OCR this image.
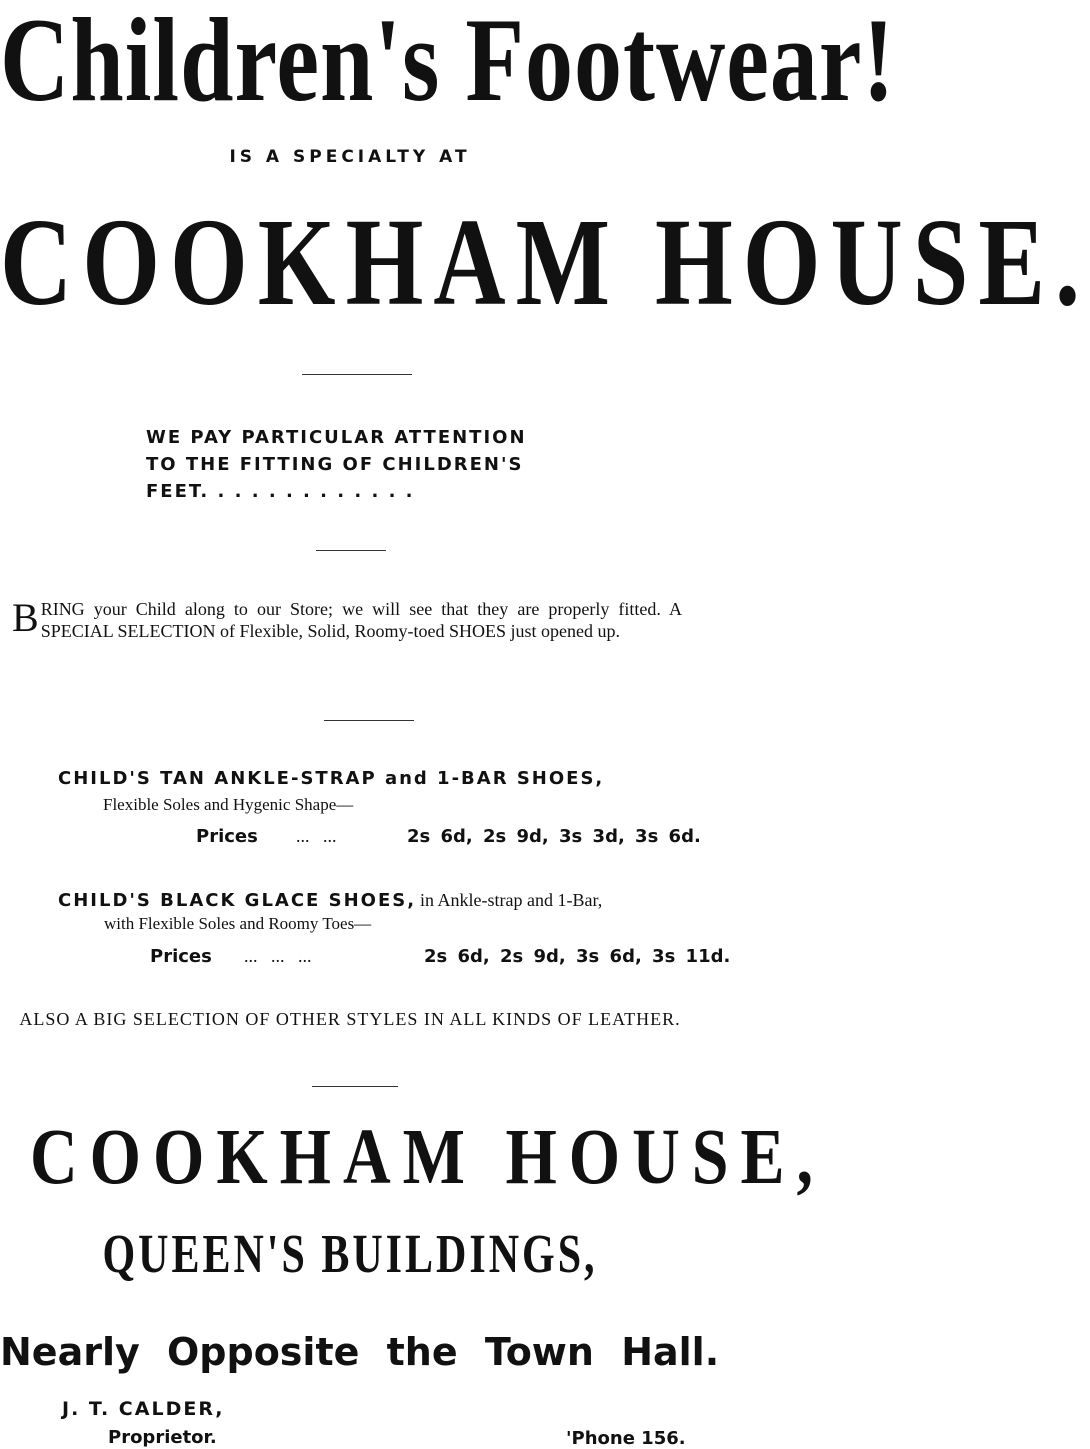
Children's Footwear!
IS A SPECIALTY AT
COOKHAM HOUSE.
WE PAY PARTICULAR ATTENTION
TO THE FITTING OF CHILDREN'S
FEET. . . . . . . . . . . . .
BRING your Child along to our Store; we will see that they are properly fitted. A SPECIAL SELECTION of Flexible, Solid, Roomy-toed SHOES just opened up.
CHILD'S TAN ANKLE-STRAP and 1-BAR SHOES,
Flexible Soles and Hygenic Shape—
Prices ...   ...	2s 6d, 2s 9d, 3s 3d, 3s 6d.
CHILD'S BLACK GLACE SHOES, in Ankle-strap and 1-Bar,
with Flexible Soles and Roomy Toes—
Prices ...   ...   ...	2s 6d, 2s 9d, 3s 6d, 3s 11d.
ALSO A BIG SELECTION OF OTHER STYLES IN ALL KINDS OF LEATHER.
COOKHAM HOUSE,
QUEEN'S BUILDINGS,
Nearly Opposite the Town Hall.
J. T. CALDER,
Proprietor.	'Phone 156.
